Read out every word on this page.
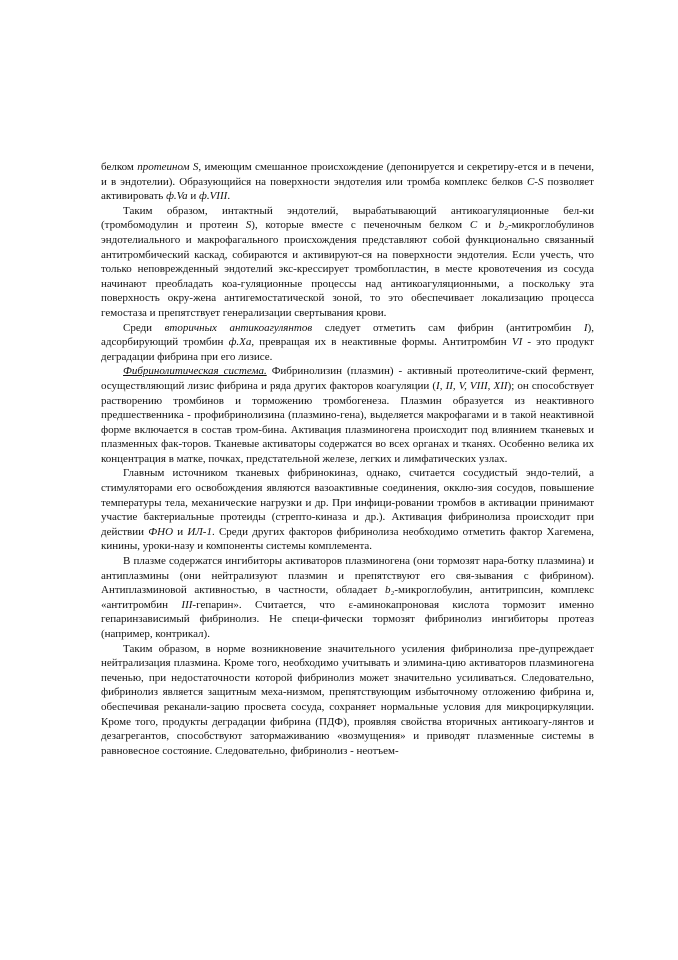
белком протеином S, имеющим смешанное происхождение (депонируется и секретиру-ется и в печени, и в эндотелии). Образующийся на поверхности эндотелия или тромба комплекс белков C-S позволяет активировать ф.Va и ф.VIII.

Таким образом, интактный эндотелий, вырабатывающий антикоагуляционные бел-ки (тромбомодулин и протеин S), которые вместе с печеночным белком C и b₂-микроглобулинов эндотелиального и макрофагального происхождения представляют собой функционально связанный антитромбический каскад, собираются и активируют-ся на поверхности эндотелия. Если учесть, что только неповрежденный эндотелий экс-крессирует тромбопластин, в месте кровотечения из сосуда начинают преобладать коа-гуляционные процессы над антикоагуляционными, а поскольку эта поверхность окру-жена антигемостатической зоной, то это обеспечивает локализацию процесса гемостаза и препятствует генерализации свертывания крови.

Среди вторичных антикоагулянтов следует отметить сам фибрин (антитромбин I), адсорбирующий тромбин ф.Xa, превращая их в неактивные формы. Антитромбин VI - это продукт деградации фибрина при его лизисе.

Фибринолитическая система. Фибринолизин (плазмин) - активный протеолитиче-ский фермент, осуществляющий лизис фибрина и ряда других факторов коагуляции (I, II, V, VIII, XII); он способствует растворению тромбинов и торможению тромбогенеза. Плазмин образуется из неактивного предшественника - профибринолизина (плазмино-гена), выделяется макрофагами и в такой неактивной форме включается в состав тром-бина. Активация плазминогена происходит под влиянием тканевых и плазменных фак-торов. Тканевые активаторы содержатся во всех органах и тканях. Особенно велика их концентрация в матке, почках, предстательной железе, легких и лимфатических узлах.

Главным источником тканевых фибринокиназ, однако, считается сосудистый эндо-телий, а стимуляторами его освобождения являются вазоактивные соединения, окклю-зия сосудов, повышение температуры тела, механические нагрузки и др. При инфици-ровании тромбов в активации принимают участие бактериальные протеиды (стрепто-киназа и др.). Активация фибринолиза происходит при действии ФНО и ИЛ-1. Среди других факторов фибринолиза необходимо отметить фактор Хагемена, кинины, уроки-назу и компоненты системы комплемента.

В плазме содержатся ингибиторы активаторов плазминогена (они тормозят нара-ботку плазмина) и антиплазмины (они нейтрализуют плазмин и препятствуют его свя-зывания с фибрином). Антиплазминовой активностью, в частности, обладает b₂-микроглобулин, антитрипсин, комплекс «антитромбин III-гепарин». Считается, что ε-аминокапроновая кислота тормозит именно гепаринзависимый фибринолиз. Не специ-фически тормозят фибринолиз ингибиторы протеаз (например, контрикал).

Таким образом, в норме возникновение значительного усиления фибринолиза пре-дупреждает нейтрализация плазмина. Кроме того, необходимо учитывать и элимина-цию активаторов плазминогена печенью, при недостаточности которой фибринолиз может значительно усиливаться. Следовательно, фибринолиз является защитным меха-низмом, препятствующим избыточному отложению фибрина и, обеспечивая реканали-зацию просвета сосуда, сохраняет нормальные условия для микроциркуляции. Кроме того, продукты деградации фибрина (ПДФ), проявляя свойства вторичных антикоагу-лянтов и дезагрегантов, способствуют затормаживанию «возмущения» и приводят плазменные системы в равновесное состояние. Следовательно, фибринолиз - неотъем-
